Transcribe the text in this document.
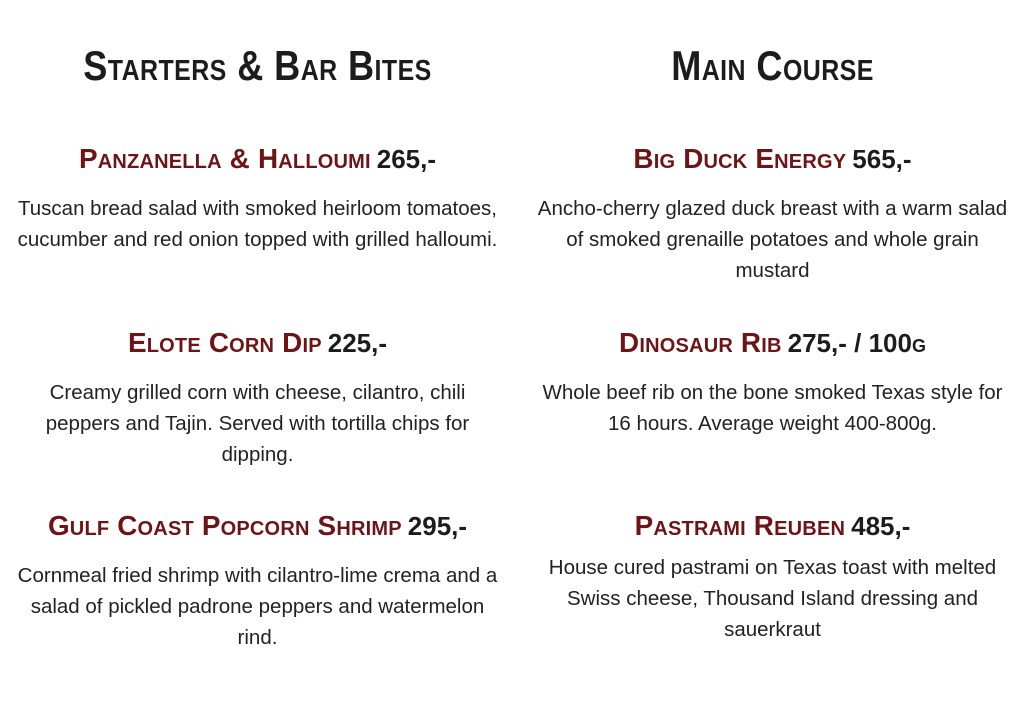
Starters & Bar Bites
Panzanella & Halloumi 265,-

Tuscan bread salad with smoked heirloom tomatoes, cucumber and red onion topped with grilled halloumi.

Elote Corn Dip 225,-

Creamy grilled corn with cheese, cilantro, chili peppers and Tajin. Served with tortilla chips for dipping.

Gulf Coast Popcorn Shrimp 295,-

Cornmeal fried shrimp with cilantro-lime crema and a salad of pickled padrone peppers and watermelon rind.

Main Course
Big Duck Energy 565,-

Ancho-cherry glazed duck breast with a warm salad of smoked grenaille potatoes and whole grain mustard

Dinosaur Rib 275,- / 100g

Whole beef rib on the bone smoked Texas style for 16 hours. Average weight 400-800g.

Pastrami Reuben 485,-

House cured pastrami on Texas toast with melted Swiss cheese, Thousand Island dressing and sauerkraut
